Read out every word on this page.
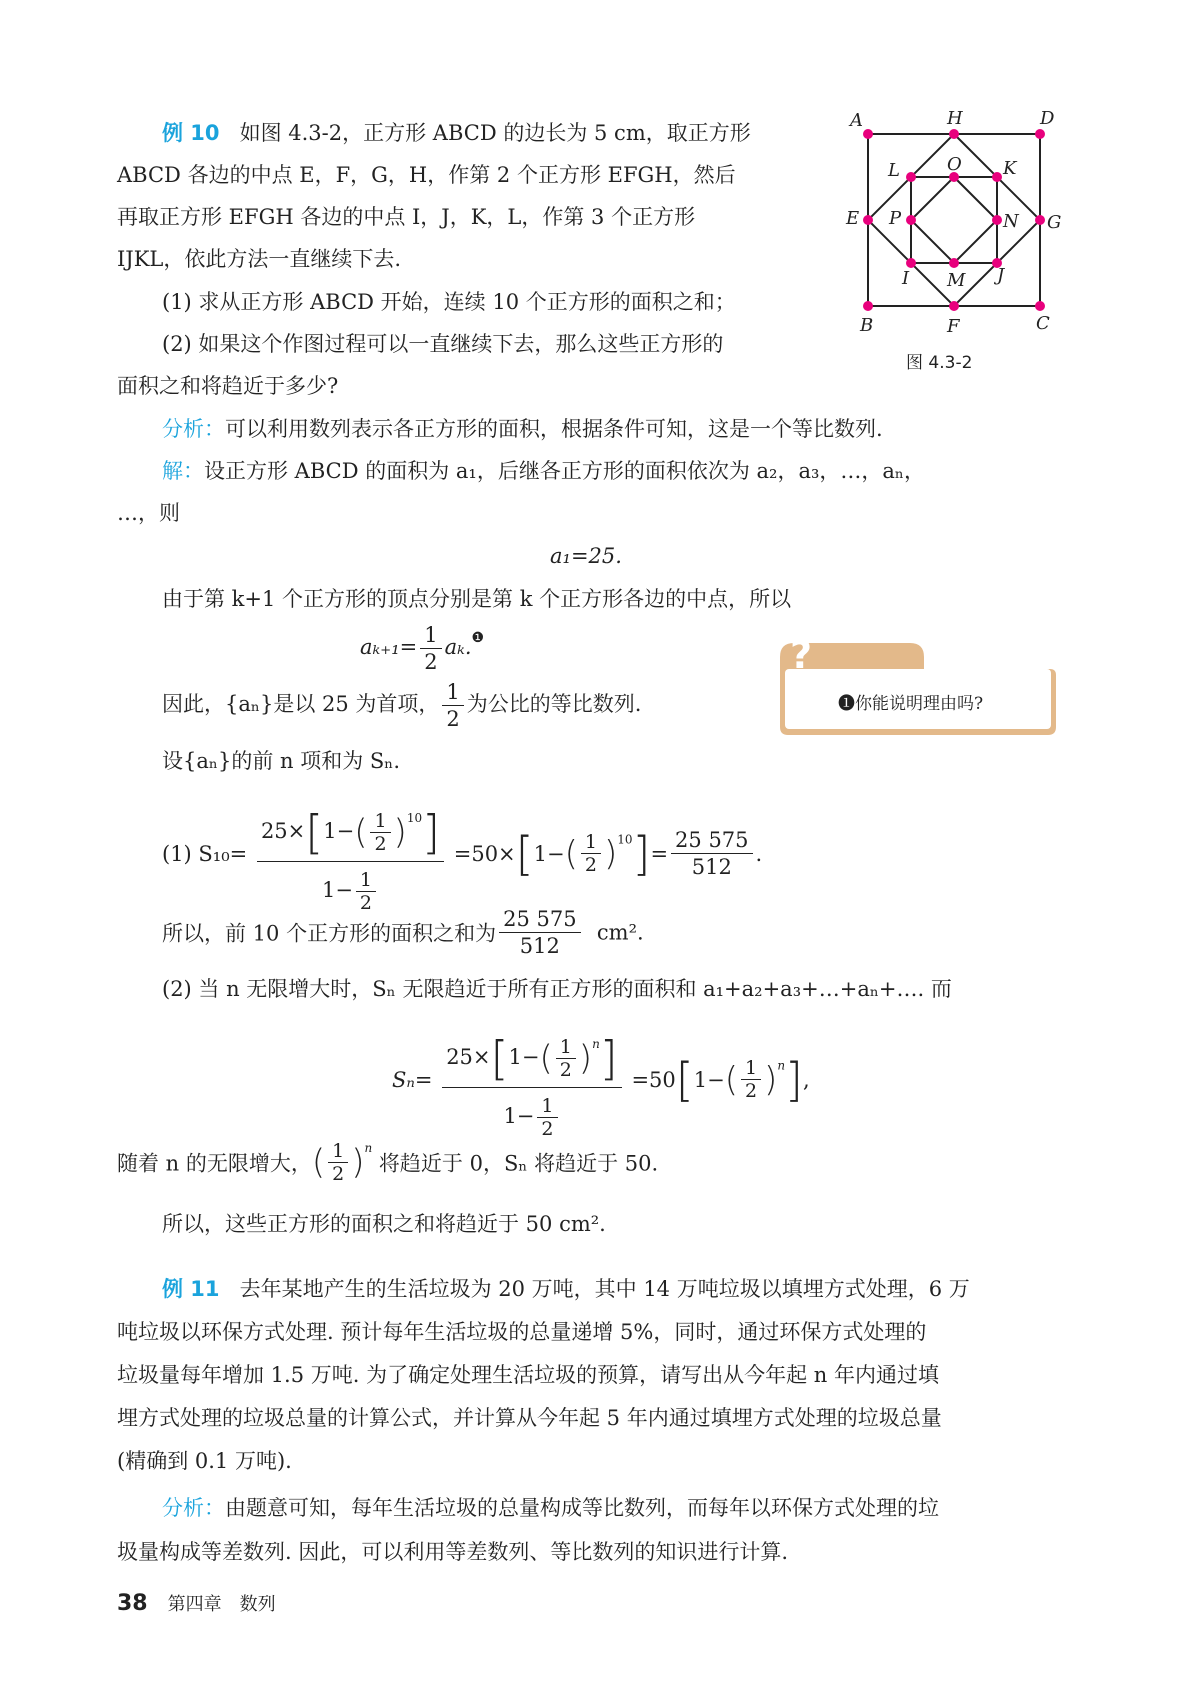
例 10 如图 4.3-2，正方形 ABCD 的边长为 5 cm，取正方形
ABCD 各边的中点 E，F，G，H，作第 2 个正方形 EFGH，然后
再取正方形 EFGH 各边的中点 I，J，K，L，作第 3 个正方形
IJKL，依此方法一直继续下去.
(1) 求从正方形 ABCD 开始，连续 10 个正方形的面积之和；
(2) 如果这个作图过程可以一直继续下去，那么这些正方形的
面积之和将趋近于多少?
A	H	D
L	O K
E P	N G
I M J
B	F	C
图 4.3-2
分析：可以利用数列表示各正方形的面积，根据条件可知，这是一个等比数列.
解：设正方形 ABCD 的面积为 a₁，后继各正方形的面积依次为 a₂，a₃，…，aₙ，
…，则
a₁=25.
由于第 k+1 个正方形的顶点分别是第 k 个正方形各边的中点，所以
$a_{k+1}= \frac{1}{2} a_k.^❶$
因此，{aₙ}是以 25 为首项， $\frac{1}{2}$ 为公比的等比数列.
设{aₙ}的前 n 项和为 Sₙ.
(1) $S_{10}= \frac{25\times[1-( \frac{1}{2} )^{10}]}{1- \frac{1}{2}} =50\times[1-( \frac{1}{2} )^{10}]= \frac{25 575}{512}$ .
所以，前 10 个正方形的面积之和为 $\frac{25 575}{512} cm^2$.
(2) 当 n 无限增大时，Sₙ 无限趋近于所有正方形的面积和 a₁+a₂+a₃+…+aₙ+…. 而
$S_n= \frac{25\times[1-( \frac{1}{2} )^n]}{1- \frac{1}{2}} =50[1-( \frac{1}{2} )^n]$,
随着 n 的无限增大，( $\frac{1}{2} )^n$ 将趋近于 0，Sₙ 将趋近于 50.
所以，这些正方形的面积之和将趋近于 50 cm².
?
❶你能说明理由吗?
例 11 去年某地产生的生活垃圾为 20 万吨，其中 14 万吨垃圾以填埋方式处理，6 万
吨垃圾以环保方式处理. 预计每年生活垃圾的总量递增 5%，同时，通过环保方式处理的
垃圾量每年增加 1.5 万吨. 为了确定处理生活垃圾的预算，请写出从今年起 n 年内通过填
埋方式处理的垃圾总量的计算公式，并计算从今年起 5 年内通过填埋方式处理的垃圾总量
(精确到 0.1 万吨).
分析：由题意可知，每年生活垃圾的总量构成等比数列，而每年以环保方式处理的垃
圾量构成等差数列. 因此，可以利用等差数列、等比数列的知识进行计算.
38 第四章　数列
